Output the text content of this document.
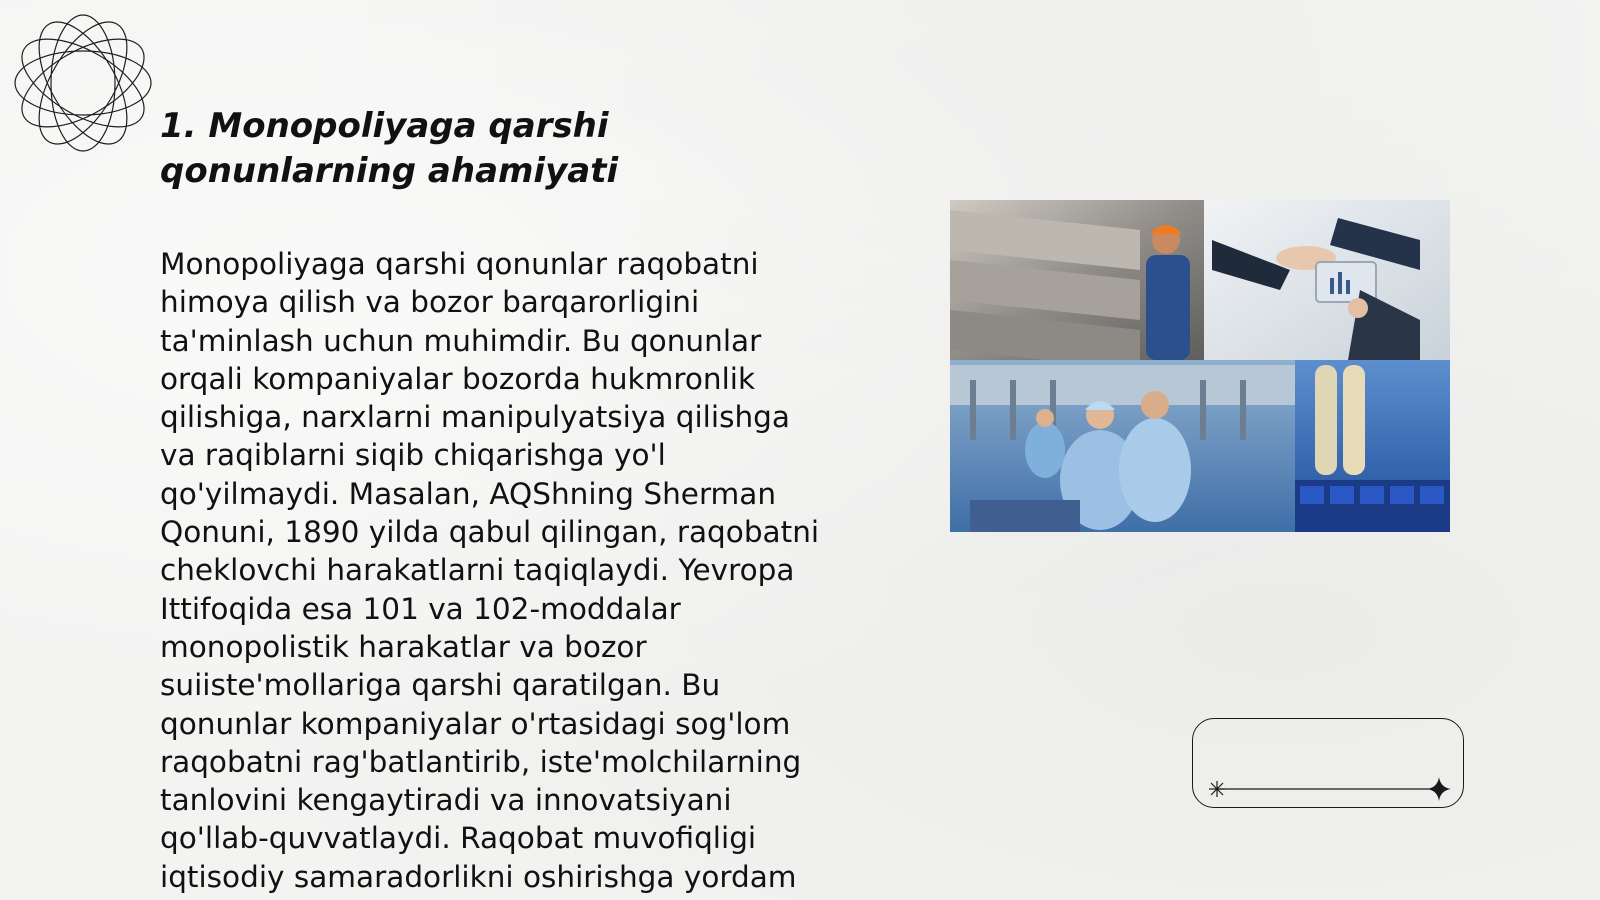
1. Monopoliyaga qarshi qonunlarning ahamiyati

Monopoliyaga qarshi qonunlar raqobatni himoya qilish va bozor barqarorligini ta'minlash uchun muhimdir. Bu qonunlar orqali kompaniyalar bozorda hukmronlik qilishiga, narxlarni manipulyatsiya qilishga va raqiblarni siqib chiqarishga yo'l qo'yilmaydi. Masalan, AQShning Sherman Qonuni, 1890 yilda qabul qilingan, raqobatni cheklovchi harakatlarni taqiqlaydi. Yevropa Ittifoqida esa 101 va 102-moddalar monopolistik harakatlar va bozor suiiste'mollariga qarshi qaratilgan. Bu qonunlar kompaniyalar o'rtasidagi sog'lom raqobatni rag'batlantirib, iste'molchilarning tanlovini kengaytiradi va innovatsiyani qo'llab-quvvatlaydi. Raqobat muvofiqligi iqtisodiy samaradorlikni oshirishga yordam
